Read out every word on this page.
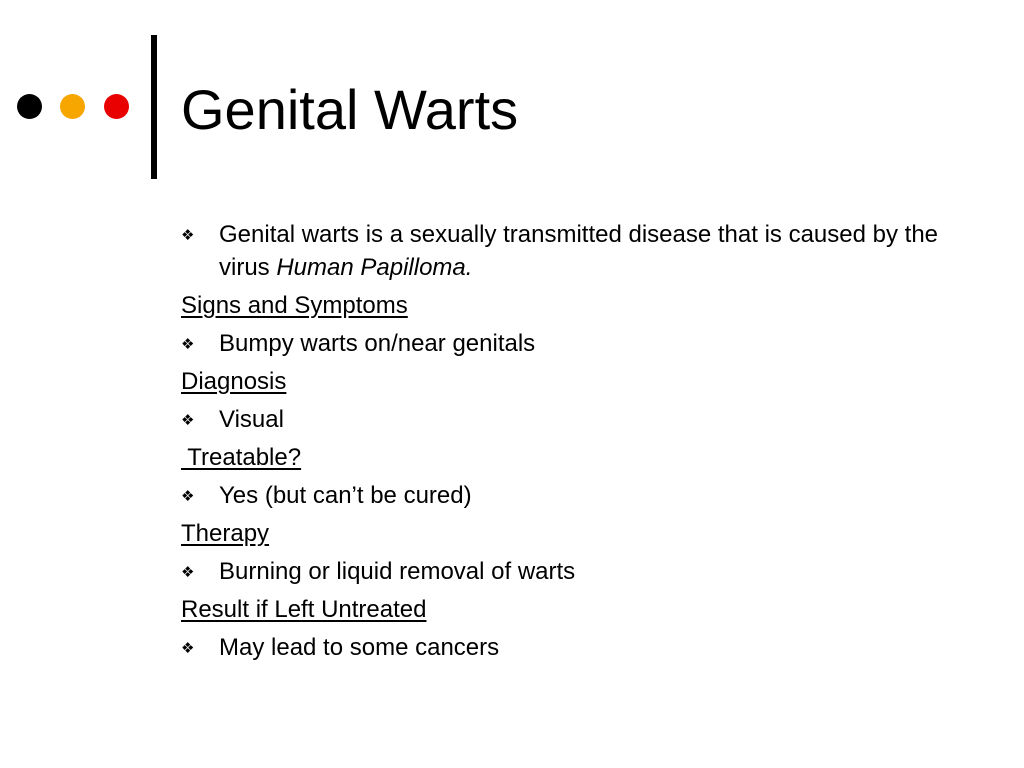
Genital Warts

❖ Genital warts is a sexually transmitted disease that is caused by the virus Human Papilloma.

Signs and Symptoms

❖ Bumpy warts on/near genitals

Diagnosis

❖ Visual

Treatable?

❖ Yes (but can’t be cured)

Therapy

❖ Burning or liquid removal of warts

Result if Left Untreated

❖ May lead to some cancers
